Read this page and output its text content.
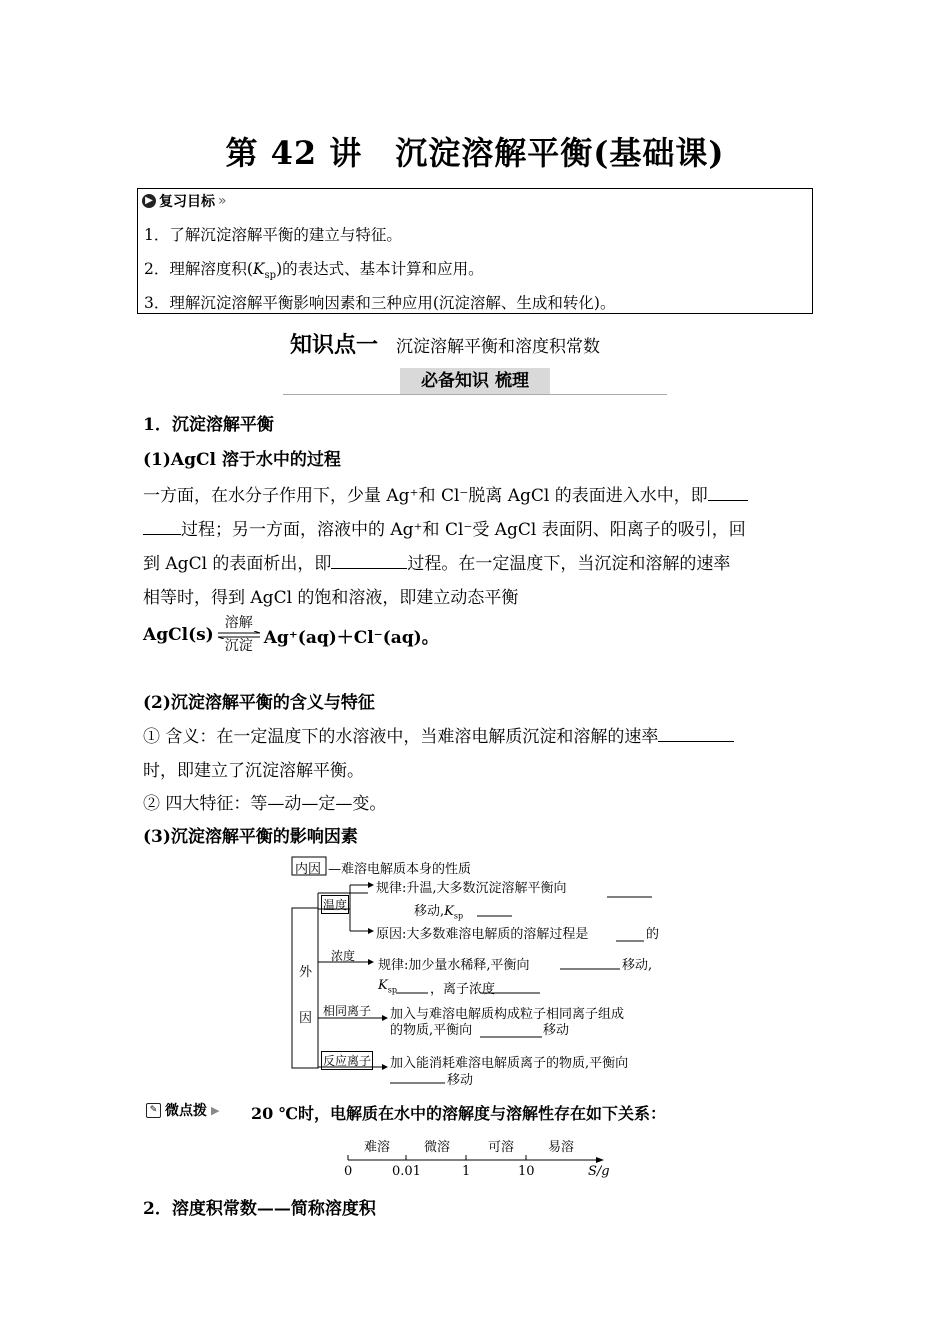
第 42 讲　沉淀溶解平衡(基础课)
▶ 复习目标 »
1．了解沉淀溶解平衡的建立与特征。
2．理解溶度积$(K_{sp})$的表达式、基本计算和应用。
3．理解沉淀溶解平衡影响因素和三种应用(沉淀溶解、生成和转化)。
知识点一 沉淀溶解平衡和溶度积常数
必备知识 梳理
1．沉淀溶解平衡
(1)AgCl 溶于水中的过程
一方面，在水分子作用下，少量 Ag⁺和 Cl⁻脱离 AgCl 的表面进入水中，即
过程；另一方面，溶液中的 Ag⁺和 Cl⁻受 AgCl 表面阴、阳离子的吸引，回
到 AgCl 的表面析出，即	过程。在一定温度下，当沉淀和溶解的速率
相等时，得到 AgCl 的饱和溶液，即建立动态平衡
AgCl(s)
溶解
沉淀 Ag⁺(aq)＋Cl⁻(aq)。
(2)沉淀溶解平衡的含义与特征
① 含义：在一定温度下的水溶液中，当难溶电解质沉淀和溶解的速率
时，即建立了沉淀溶解平衡。
② 四大特征：等—动—定—变。
(3)沉淀溶解平衡的影响因素
内因 —难溶电解质本身的性质
外
因
温度
规律:升温,大多数沉淀溶解平衡向
移动$,K_{sp}$
原因:大多数难溶电解质的溶解过程是	的
浓度
规律:加少量水稀释,平衡向	移动,
$K_{sp}$	，离子浓度
相同离子 加入与难溶电解质构成粒子相同离子组成
的物质,平衡向	移动
反应离子 加入能消耗难溶电解质离子的物质,平衡向
移动
✎ 微点拨 ▶ 20 ℃时，电解质在水中的溶解度与溶解性存在如下关系：
难溶	微溶	可溶	易溶
0	0.01	1	10	S/g
2．溶度积常数——简称溶度积
